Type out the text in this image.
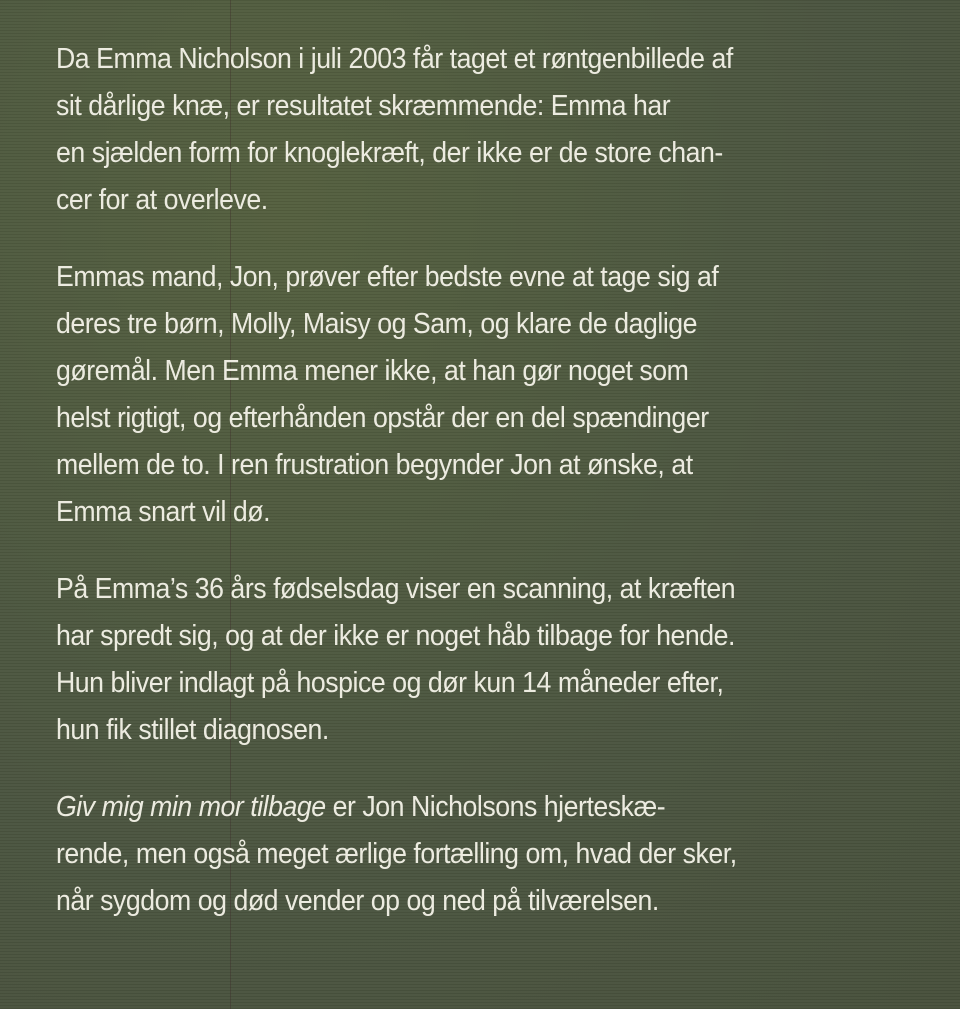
Da Emma Nicholson i juli 2003 får taget et røntgenbillede af
sit dårlige knæ, er resultatet skræmmende: Emma har
en sjælden form for knoglekræft, der ikke er de store chan-
cer for at overleve.

Emmas mand, Jon, prøver efter bedste evne at tage sig af
deres tre børn, Molly, Maisy og Sam, og klare de daglige
gøremål. Men Emma mener ikke, at han gør noget som
helst rigtigt, og efterhånden opstår der en del spændinger
mellem de to. I ren frustration begynder Jon at ønske, at
Emma snart vil dø.

På Emma’s 36 års fødselsdag viser en scanning, at kræften
har spredt sig, og at der ikke er noget håb tilbage for hende.
Hun bliver indlagt på hospice og dør kun 14 måneder efter,
hun fik stillet diagnosen.

Giv mig min mor tilbage er Jon Nicholsons hjerteskæ-
rende, men også meget ærlige fortælling om, hvad der sker,
når sygdom og død vender op og ned på tilværelsen.
